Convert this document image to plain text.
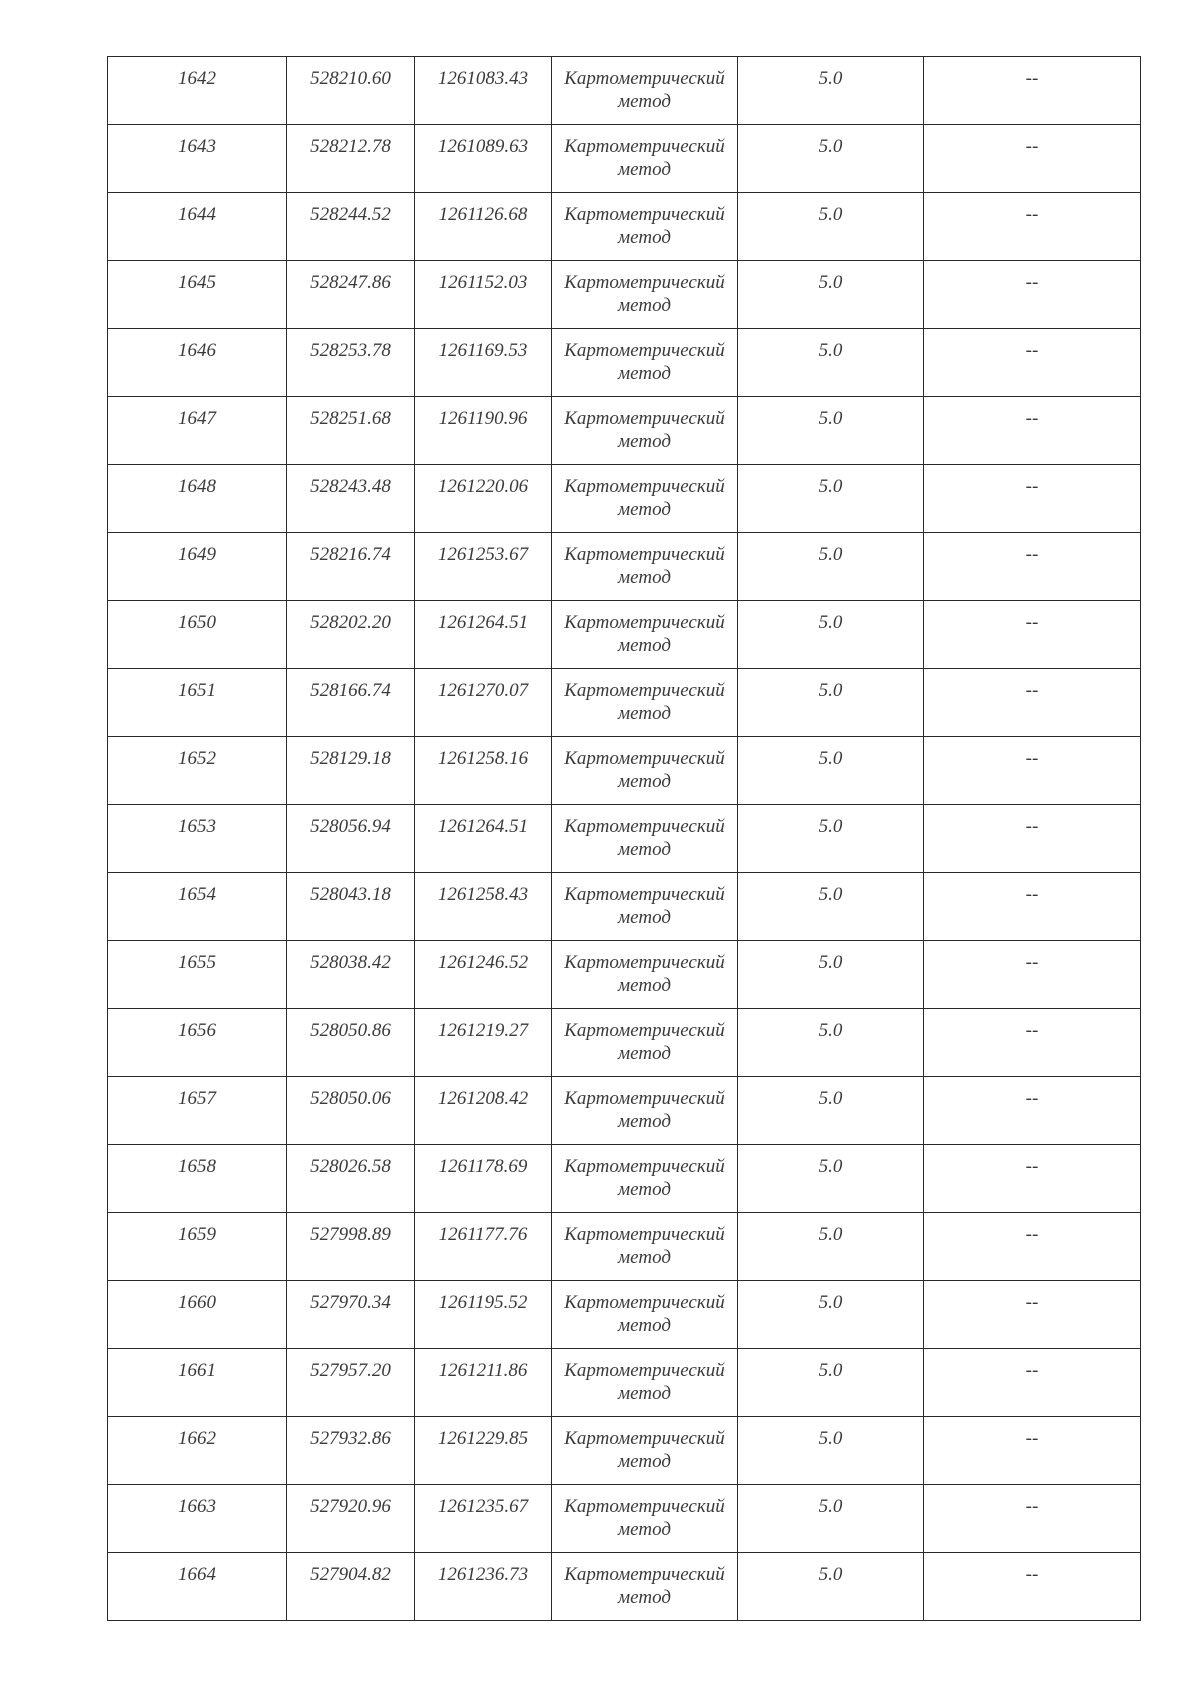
1642	528210.60	1261083.43	Картометрический метод	5.0	--
1643	528212.78	1261089.63	Картометрический метод	5.0	--
1644	528244.52	1261126.68	Картометрический метод	5.0	--
1645	528247.86	1261152.03	Картометрический метод	5.0	--
1646	528253.78	1261169.53	Картометрический метод	5.0	--
1647	528251.68	1261190.96	Картометрический метод	5.0	--
1648	528243.48	1261220.06	Картометрический метод	5.0	--
1649	528216.74	1261253.67	Картометрический метод	5.0	--
1650	528202.20	1261264.51	Картометрический метод	5.0	--
1651	528166.74	1261270.07	Картометрический метод	5.0	--
1652	528129.18	1261258.16	Картометрический метод	5.0	--
1653	528056.94	1261264.51	Картометрический метод	5.0	--
1654	528043.18	1261258.43	Картометрический метод	5.0	--
1655	528038.42	1261246.52	Картометрический метод	5.0	--
1656	528050.86	1261219.27	Картометрический метод	5.0	--
1657	528050.06	1261208.42	Картометрический метод	5.0	--
1658	528026.58	1261178.69	Картометрический метод	5.0	--
1659	527998.89	1261177.76	Картометрический метод	5.0	--
1660	527970.34	1261195.52	Картометрический метод	5.0	--
1661	527957.20	1261211.86	Картометрический метод	5.0	--
1662	527932.86	1261229.85	Картометрический метод	5.0	--
1663	527920.96	1261235.67	Картометрический метод	5.0	--
1664	527904.82	1261236.73	Картометрический метод	5.0	--
